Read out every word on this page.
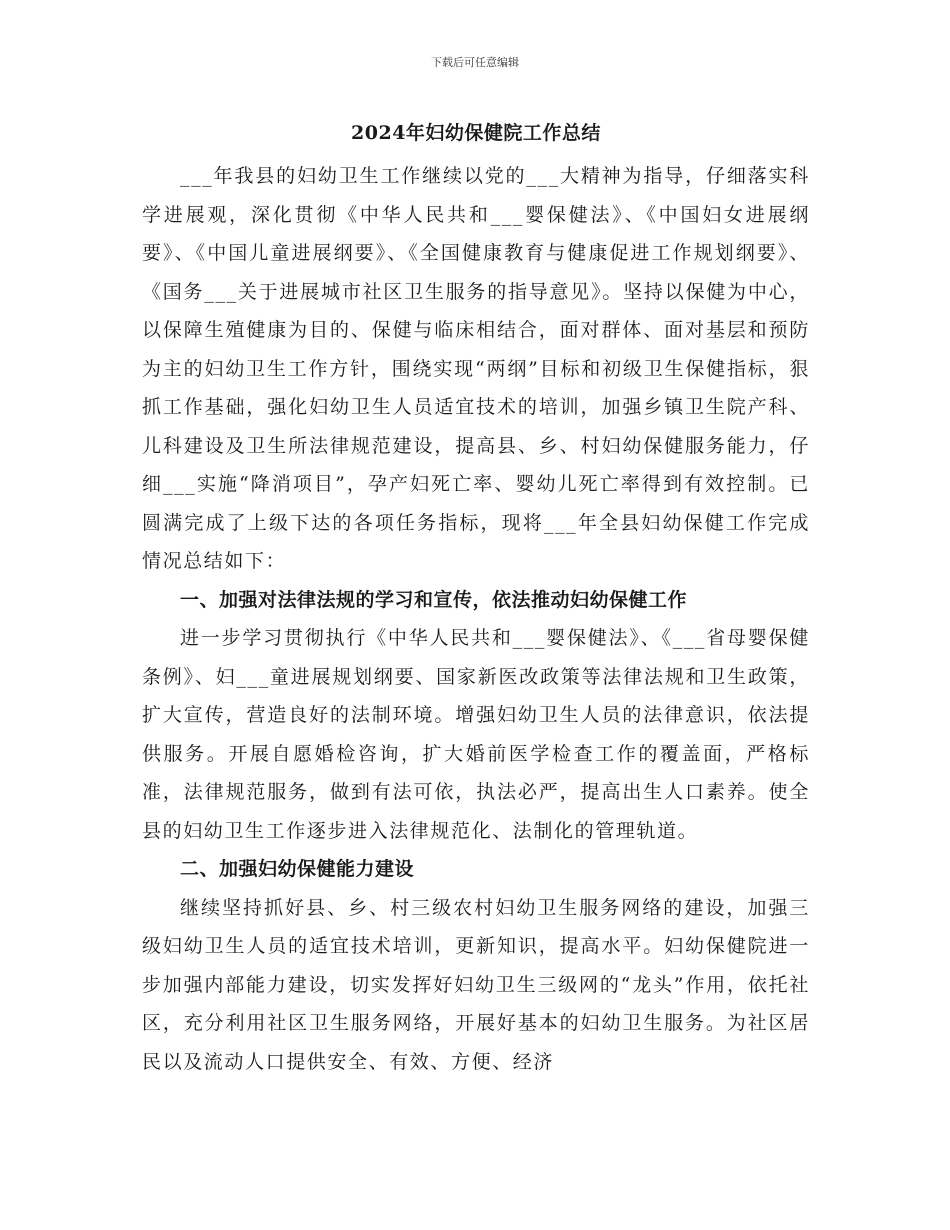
下载后可任意编辑
2024年妇幼保健院工作总结

___年我县的妇幼卫生工作继续以党的___大精神为指导，仔细落实科学进展观，深化贯彻《中华人民共和___婴保健法》、《中国妇女进展纲要》、《中国儿童进展纲要》、《全国健康教育与健康促进工作规划纲要》、《国务___关于进展城市社区卫生服务的指导意见》。坚持以保健为中心，以保障生殖健康为目的、保健与临床相结合，面对群体、面对基层和预防为主的妇幼卫生工作方针，围绕实现“两纲”目标和初级卫生保健指标，狠抓工作基础，强化妇幼卫生人员适宜技术的培训，加强乡镇卫生院产科、儿科建设及卫生所法律规范建设，提高县、乡、村妇幼保健服务能力，仔细___实施“降消项目”，孕产妇死亡率、婴幼儿死亡率得到有效控制。已圆满完成了上级下达的各项任务指标，现将___年全县妇幼保健工作完成情况总结如下：

一、加强对法律法规的学习和宣传，依法推动妇幼保健工作

进一步学习贯彻执行《中华人民共和___婴保健法》、《___省母婴保健条例》、妇___童进展规划纲要、国家新医改政策等法律法规和卫生政策，扩大宣传，营造良好的法制环境。增强妇幼卫生人员的法律意识，依法提供服务。开展自愿婚检咨询，扩大婚前医学检查工作的覆盖面，严格标准，法律规范服务，做到有法可依，执法必严，提高出生人口素养。使全县的妇幼卫生工作逐步进入法律规范化、法制化的管理轨道。

二、加强妇幼保健能力建设

继续坚持抓好县、乡、村三级农村妇幼卫生服务网络的建设，加强三级妇幼卫生人员的适宜技术培训，更新知识，提高水平。妇幼保健院进一步加强内部能力建设，切实发挥好妇幼卫生三级网的“龙头”作用，依托社区，充分利用社区卫生服务网络，开展好基本的妇幼卫生服务。为社区居民以及流动人口提供安全、有效、方便、经济
